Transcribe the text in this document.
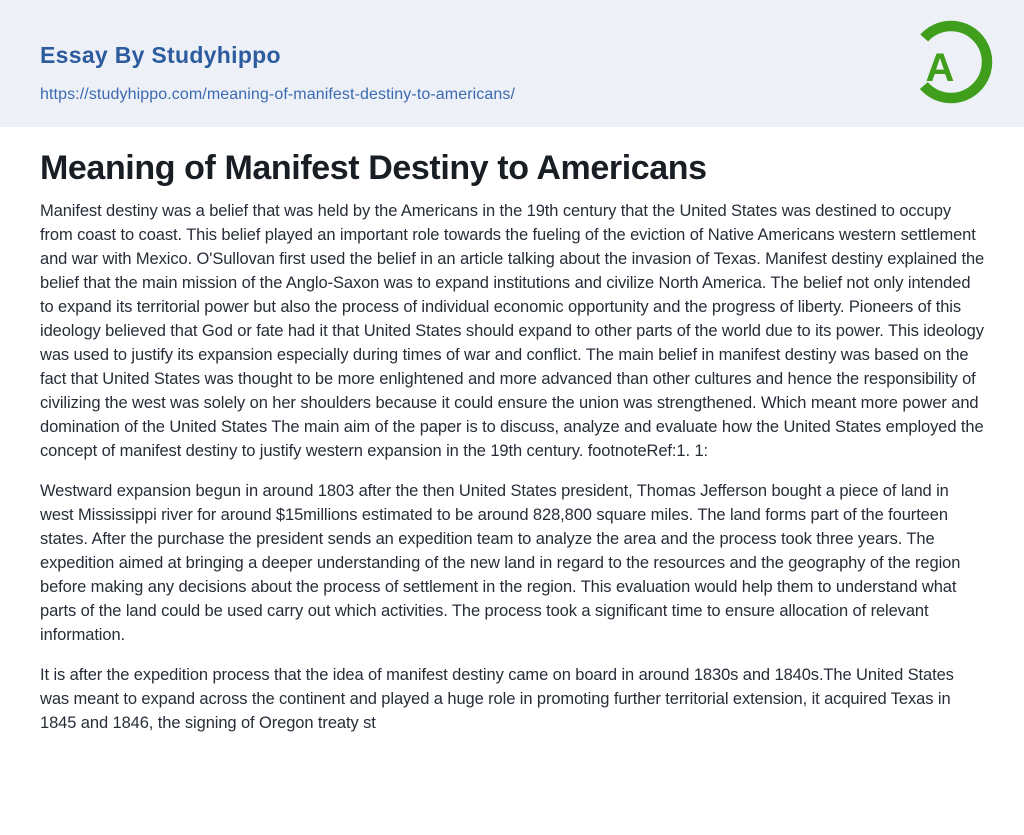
Essay By Studyhippo
https://studyhippo.com/meaning-of-manifest-destiny-to-americans/
A
Meaning of Manifest Destiny to Americans

Manifest destiny was a belief that was held by the Americans in the 19th century that the United States was destined to occupy from coast to coast. This belief played an important role towards the fueling of the eviction of Native Americans western settlement and war with Mexico. O'Sullovan first used the belief in an article talking about the invasion of Texas. Manifest destiny explained the belief that the main mission of the Anglo-Saxon was to expand institutions and civilize North America. The belief not only intended to expand its territorial power but also the process of individual economic opportunity and the progress of liberty. Pioneers of this ideology believed that God or fate had it that United States should expand to other parts of the world due to its power. This ideology was used to justify its expansion especially during times of war and conflict. The main belief in manifest destiny was based on the fact that United States was thought to be more enlightened and more advanced than other cultures and hence the responsibility of civilizing the west was solely on her shoulders because it could ensure the union was strengthened. Which meant more power and domination of the United States The main aim of the paper is to discuss, analyze and evaluate how the United States employed the concept of manifest destiny to justify western expansion in the 19th century. footnoteRef:1. 1:

Westward expansion begun in around 1803 after the then United States president, Thomas Jefferson bought a piece of land in west Mississippi river for around $15millions estimated to be around 828,800 square miles. The land forms part of the fourteen states. After the purchase the president sends an expedition team to analyze the area and the process took three years. The expedition aimed at bringing a deeper understanding of the new land in regard to the resources and the geography of the region before making any decisions about the process of settlement in the region. This evaluation would help them to understand what parts of the land could be used carry out which activities. The process took a significant time to ensure allocation of relevant information.

It is after the expedition process that the idea of manifest destiny came on board in around 1830s and 1840s.The United States was meant to expand across the continent and played a huge role in promoting further territorial extension, it acquired Texas in 1845 and 1846, the signing of Oregon treaty st
